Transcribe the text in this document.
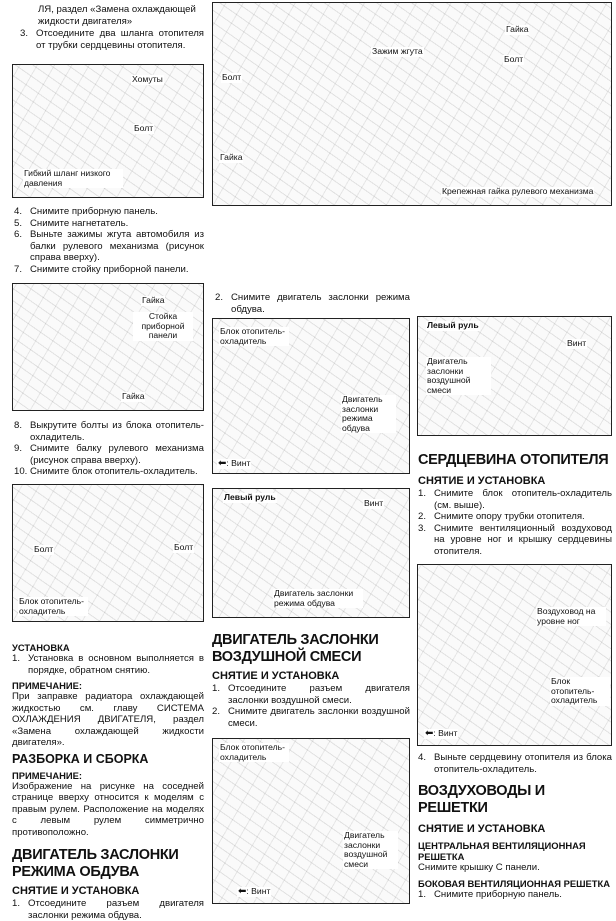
ЛЯ, раздел «Замена охлаждающей жидкости двигателя»
3. Отсоедините два шланга отопителя от трубки сердцевины отопителя.
Хомуты
Болт
Гибкий шланг низкого давления
4. Снимите приборную панель.
5. Снимите нагнетатель.
6. Выньте зажимы жгута автомобиля из балки рулевого механизма (рисунок справа вверху).
7. Снимите стойку приборной панели.
Гайка
Стойка приборной панели
Гайка
8. Выкрутите болты из блока отопитель-охладитель.
9. Снимите балку рулевого механизма (рисунок справа вверху).
10. Снимите блок отопитель-охладитель.
Болт	Болт
Блок отопитель-охладитель
УСТАНОВКА
1. Установка в основном выполняется в порядке, обратном снятию.
ПРИМЕЧАНИЕ:

При заправке радиатора охлаждающей жидкостью см. главу СИСТЕМА ОХЛАЖДЕНИЯ ДВИГАТЕЛЯ, раздел «Замена охлаждающей жидкости двигателя».

РАЗБОРКА И СБОРКА
ПРИМЕЧАНИЕ:

Изображение на рисунке на соседней странице вверху относится к моделям с правым рулем. Расположение на моделях с левым рулем симметрично противоположно.

ДВИГАТЕЛЬ ЗАСЛОНКИ РЕЖИМА ОБДУВА
СНЯТИЕ И УСТАНОВКА
1. Отсоедините разъем двигателя заслонки режима обдува.
Зажим жгута
Гайка
Болт
Болт
Гайка
Крепежная гайка рулевого механизма
2. Снимите двигатель заслонки режима обдува.
Блок отопитель-охладитель
Двигатель заслонки режима обдува
⬅: Винт
Левый руль
Винт
Двигатель заслонки режима обдува
ДВИГАТЕЛЬ ЗАСЛОНКИ ВОЗДУШНОЙ СМЕСИ
СНЯТИЕ И УСТАНОВКА
1. Отсоедините разъем двигателя заслонки воздушной смеси.
2. Снимите двигатель заслонки воздушной смеси.
Блок отопитель-охладитель
Двигатель заслонки воздушной смеси
⬅: Винт
Левый руль
Винт
Двигатель заслонки воздушной смеси
СЕРДЦЕВИНА ОТОПИТЕЛЯ
СНЯТИЕ И УСТАНОВКА
1. Снимите блок отопитель-охладитель (см. выше).
2. Снимите опору трубки отопителя.
3. Снимите вентиляционный воздуховод на уровне ног и крышку сердцевины отопителя.
Воздуховод на уровне ног
Блок отопитель-охладитель
⬅: Винт
4. Выньте сердцевину отопителя из блока отопитель-охладитель.
ВОЗДУХОВОДЫ И РЕШЕТКИ
СНЯТИЕ И УСТАНОВКА
ЦЕНТРАЛЬНАЯ ВЕНТИЛЯЦИОННАЯ РЕШЕТКА

Снимите крышку С панели.

БОКОВАЯ ВЕНТИЛЯЦИОННАЯ РЕШЕТКА
1. Снимите приборную панель.
